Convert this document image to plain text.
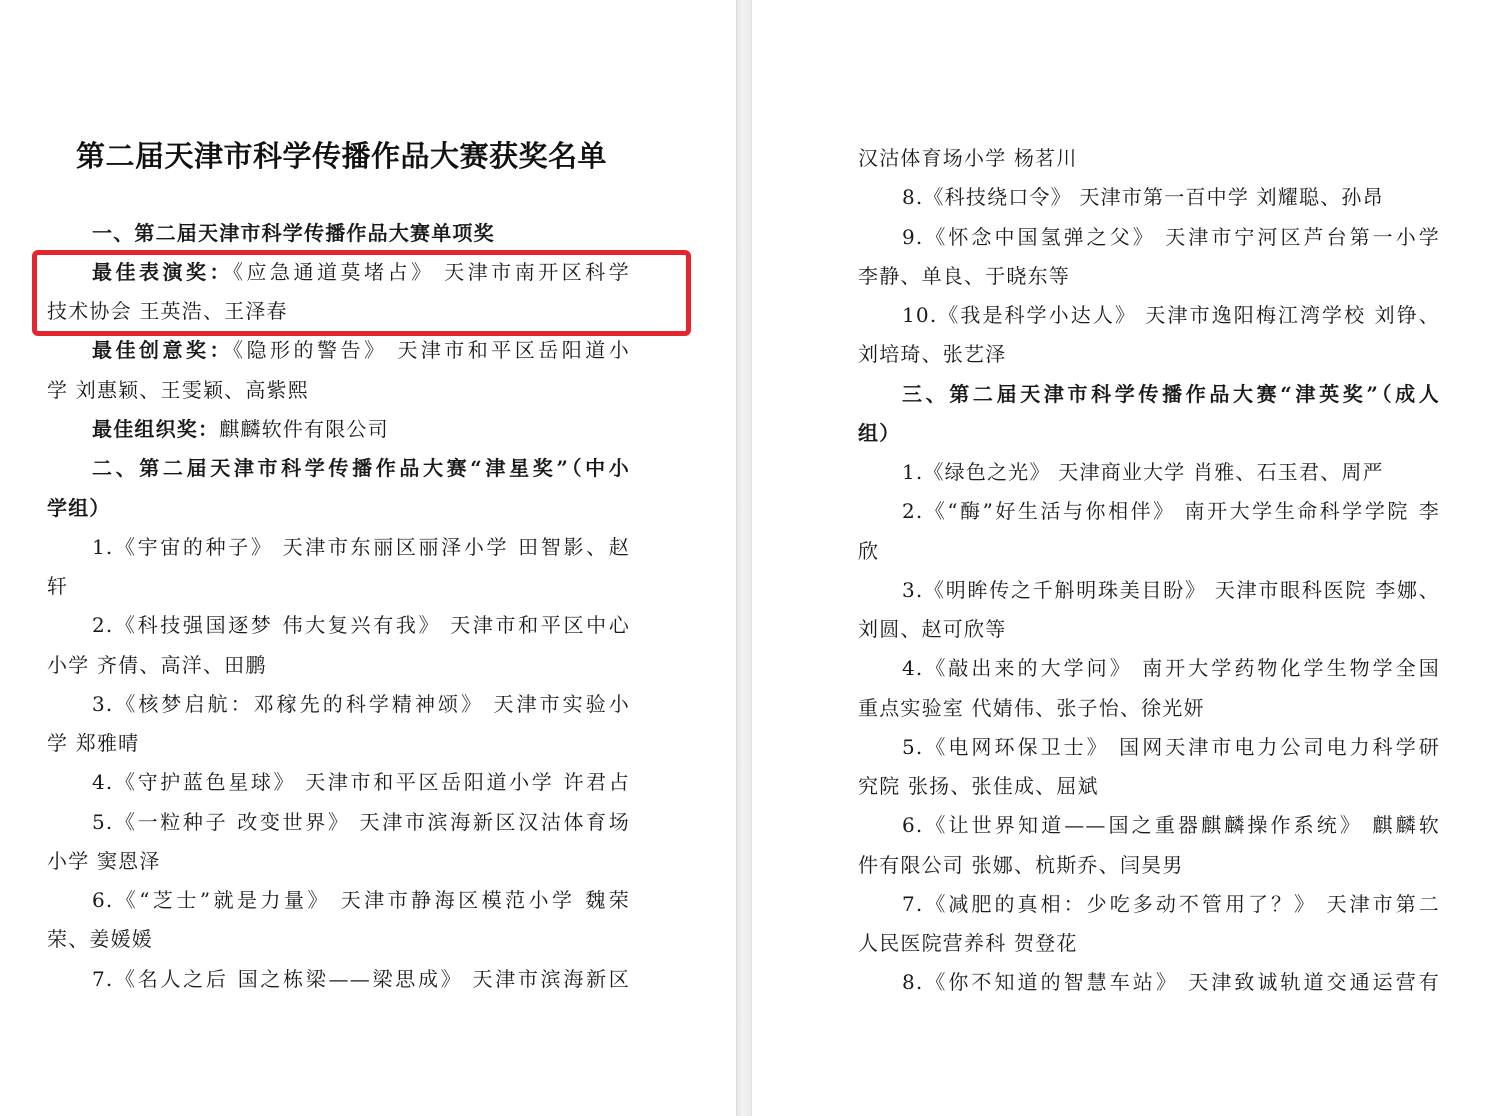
第二届天津市科学传播作品大赛获奖名单
一、第二届天津市科学传播作品大赛单项奖
最佳表演奖：《应急通道莫堵占》 天津市南开区科学
技术协会 王英浩、王泽春
最佳创意奖：《隐形的警告》 天津市和平区岳阳道小
学 刘惠颖、王雯颖、高紫熙
最佳组织奖：麒麟软件有限公司
二、第二届天津市科学传播作品大赛“津星奖”（中小
学组）
1.《宇宙的种子》 天津市东丽区丽泽小学 田智影、赵
轩
2.《科技强国逐梦 伟大复兴有我》 天津市和平区中心
小学 齐倩、高洋、田鹏
3.《核梦启航：邓稼先的科学精神颂》 天津市实验小
学 郑雅晴
4.《守护蓝色星球》 天津市和平区岳阳道小学 许君占
5.《一粒种子 改变世界》 天津市滨海新区汉沽体育场
小学 窦恩泽
6.《“芝士”就是力量》 天津市静海区模范小学 魏荣
荣、姜媛媛
7.《名人之后 国之栋梁——梁思成》 天津市滨海新区
汉沽体育场小学 杨茗川
8.《科技绕口令》 天津市第一百中学 刘耀聪、孙昂
9.《怀念中国氢弹之父》 天津市宁河区芦台第一小学
李静、单良、于晓东等
10.《我是科学小达人》 天津市逸阳梅江湾学校 刘铮、
刘培琦、张艺泽
三、第二届天津市科学传播作品大赛“津英奖”（成人
组）
1.《绿色之光》 天津商业大学 肖雅、石玉君、周严
2.《“酶”好生活与你相伴》 南开大学生命科学学院 李
欣
3.《明眸传之千斛明珠美目盼》 天津市眼科医院 李娜、
刘圆、赵可欣等
4.《敲出来的大学问》 南开大学药物化学生物学全国
重点实验室 代婧伟、张子怡、徐光妍
5.《电网环保卫士》 国网天津市电力公司电力科学研
究院 张扬、张佳成、屈斌
6.《让世界知道——国之重器麒麟操作系统》 麒麟软
件有限公司 张娜、杭斯乔、闫昊男
7.《减肥的真相：少吃多动不管用了？》 天津市第二
人民医院营养科 贺登花
8.《你不知道的智慧车站》 天津致诚轨道交通运营有
